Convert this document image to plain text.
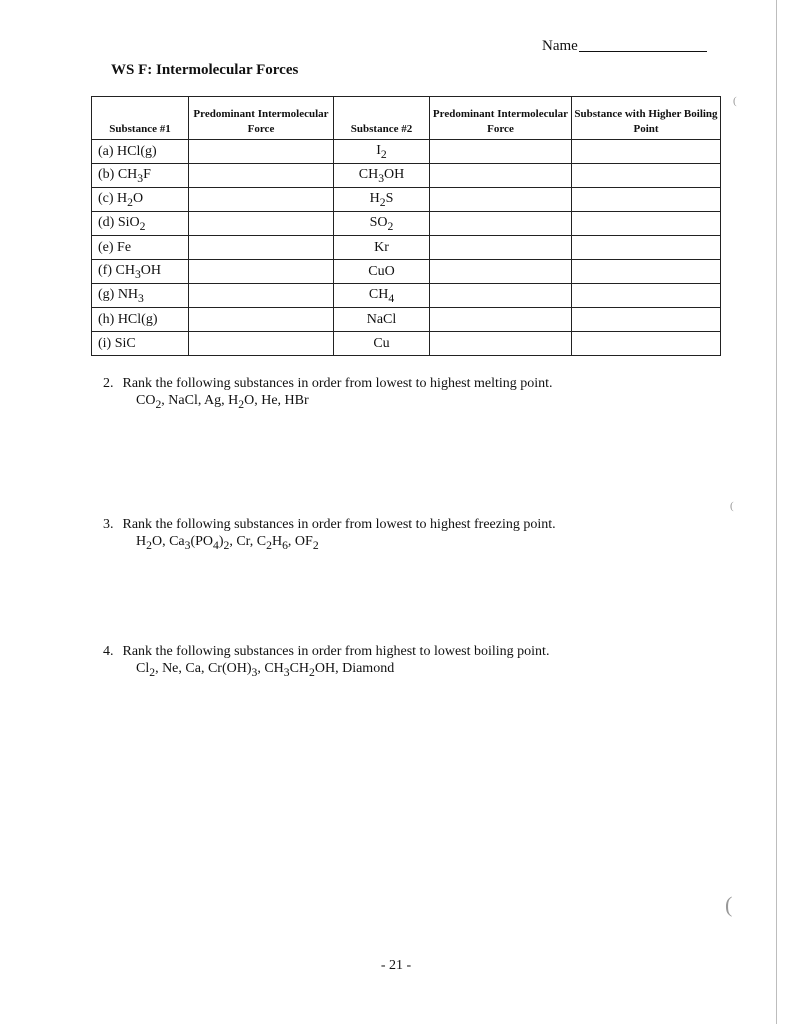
Name
WS F: Intermolecular Forces
Substance #1	Predominant Intermolecular Force	Substance #2	Predominant Intermolecular Force	Substance with Higher Boiling Point
(a) HCl(g)		$I_2$		
(b) $CH_3F$		$CH_3OH$		
(c) $H_2O$		$H_2S$		
(d) SiO$_2$		$SO_2$		
(e) Fe		Kr		
(f) $CH_3OH$		CuO		
(g) $NH_3$		$CH_4$		
(h) HCl(g)		NaCl		
(i) SiC		Cu		
2. Rank the following substances in order from lowest to highest melting point.
$CO_2$, NaCl, Ag, $H_2O$, He, HBr
3. Rank the following substances in order from lowest to highest freezing point.
$H_2O$, $Ca_3(PO_4)_2$, Cr, $C_2H_6$, $OF_2$
4. Rank the following substances in order from highest to lowest boiling point.
$Cl_2$, Ne, Ca, $Cr(OH)_3$, $CH_3CH_2OH$, Diamond
- 21 -
(
(
(
